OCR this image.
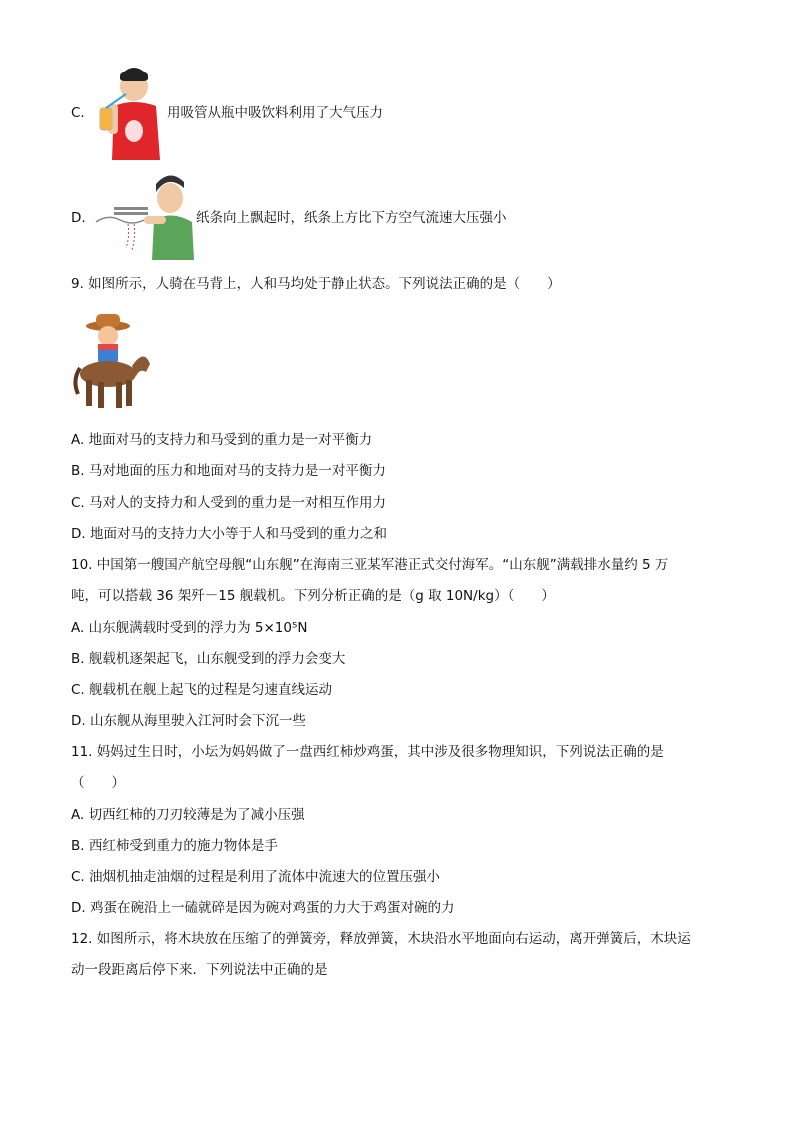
C.	用吸管从瓶中吸饮料利用了大气压力
D.	纸条向上飘起时，纸条上方比下方空气流速大压强小
9. 如图所示，人骑在马背上，人和马均处于静止状态。下列说法正确的是（　　）
A. 地面对马的支持力和马受到的重力是一对平衡力
B. 马对地面的压力和地面对马的支持力是一对平衡力
C. 马对人的支持力和人受到的重力是一对相互作用力
D. 地面对马的支持力大小等于人和马受到的重力之和
10. 中国第一艘国产航空母舰“山东舰”在海南三亚某军港正式交付海军。“山东舰”满载排水量约 5 万
吨，可以搭载 36 架歼－15 舰载机。下列分析正确的是（g 取 10N/kg）（　　）
A. 山东舰满载时受到的浮力为 5×10⁵N
B. 舰载机逐架起飞，山东舰受到的浮力会变大
C. 舰载机在舰上起飞的过程是匀速直线运动
D. 山东舰从海里驶入江河时会下沉一些
11. 妈妈过生日时，小坛为妈妈做了一盘西红柿炒鸡蛋，其中涉及很多物理知识，下列说法正确的是
（　　）
A. 切西红柿的刀刃较薄是为了减小压强
B. 西红柿受到重力的施力物体是手
C. 油烟机抽走油烟的过程是利用了流体中流速大的位置压强小
D. 鸡蛋在碗沿上一磕就碎是因为碗对鸡蛋的力大于鸡蛋对碗的力
12. 如图所示，将木块放在压缩了的弹簧旁，释放弹簧，木块沿水平地面向右运动，离开弹簧后，木块运
动一段距离后停下来．下列说法中正确的是
